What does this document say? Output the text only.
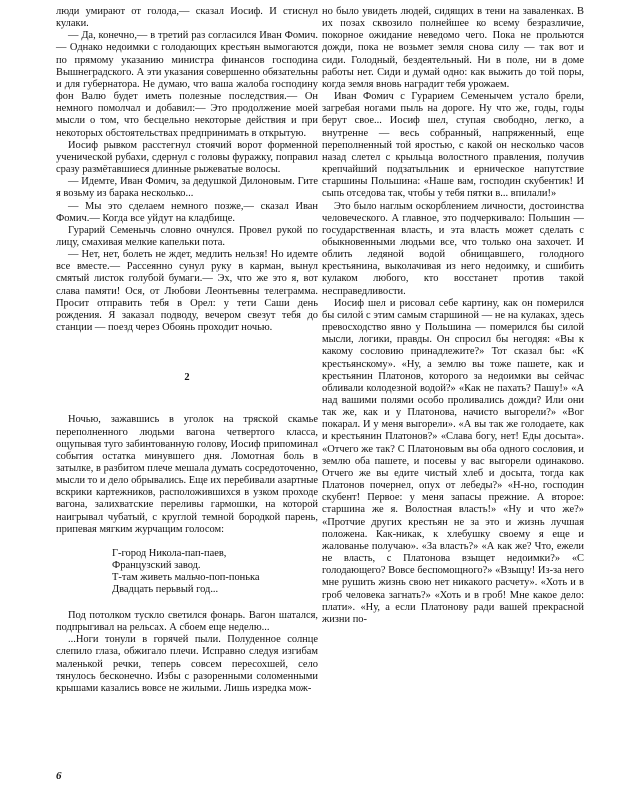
люди умирают от голода,— сказал Иосиф. И стиснул кулаки.

— Да, конечно,— в третий раз согласился Иван Фомич.— Однако недоимки с голодающих крестьян вымогаются по прямому указанию министра финансов господина Вышнеградского. А эти указания совершенно обязательны и для губернатора. Не думаю, что ваша жалоба господину фон Валю будет иметь полезные последствия.— Он немного помолчал и добавил:— Это продолжение моей мысли о том, что бесцельно некоторые действия и при некоторых обстоятельствах предпринимать в открытую.

Иосиф рывком расстегнул стоячий ворот форменной ученической рубахи, сдернул с головы фуражку, поправил сразу размётавшиеся длинные рыжеватые волосы.

— Идемте, Иван Фомич, за дедушкой Дилоновым. Гите я возьму из барака несколько...

— Мы это сделаем немного позже,— сказал Иван Фомич.— Когда все уйдут на кладбище.

Гурарий Семенычь словно очнулся. Провел рукой по лицу, смахивая мелкие капельки пота.

— Нет, нет, болеть не ждет, медлить нельзя! Но идемте все вместе.— Рассеянно сунул руку в карман, вынул смятый листок голубой бумаги.— Эх, что же это я, вот слава памяти! Ося, от Любови Леонтьевны телеграмма. Просит отправить тебя в Орел: у тети Саши день рождения. Я заказал подводу, вечером свезут тебя до станции — поезд через Обоянь проходит ночью.

2

Ночью, зажавшись в уголок на тряской скамье переполненного людьми вагона четвертого класса, ощупывая туго забинтованную голову, Иосиф припоминал события остатка минувшего дня. Ломотная боль в затылке, в разбитом плече мешала думать сосредоточенно, мысли то и дело обрывались. Еще их перебивали азартные вскрики картежников, расположившихся в узком проходе вагона, залихватские переливы гармошки, на которой наигрывал чубатый, с круглой темной бородкой парень, припевая мягким журчащим голосом:

Г-город Никола-пап-паев,
Французский завод.
Т-там живеть мальчо-поп-понька
Двадцать перьвый год...

Под потолком тускло светился фонарь. Вагон шатался, подпрыгивал на рельсах. А сбоем еще неделю...

...Ноги тонули в горячей пыли. Полуденное солнце слепило глаза, обжигало плечи. Исправно следуя изгибам маленькой речки, теперь совсем пересохшей, село тянулось бесконечно. Избы с разоренными соломенными крышами казались вовсе не жилыми. Лишь изредка мож-

но было увидеть людей, сидящих в тени на заваленках. В их позах сквозило полнейшее ко всему безразличие, покорное ожидание неведомо чего. Пока не прольются дожди, пока не возьмет земля снова силу — так вот и сиди. Голодный, бездеятельный. Ни в поле, ни в доме работы нет. Сиди и думай одно: как выжить до той поры, когда земля вновь наградит тебя урожаем.

Иван Фомич с Гурарием Семенычем устало брели, загребая ногами пыль на дороге. Ну что же, годы, годы берут свое... Иосиф шел, ступая свободно, легко, а внутренне — весь собранный, напряженный, еще переполненный той яростью, с какой он несколько часов назад слетел с крыльца волостного правления, получив крепчайший подзатыльник и ерническое напутствие старшины Польшина: «Наше вам, господин скубентик! И сыпь отседова так, чтобы у тебя пятки в... впилали!»

Это было наглым оскорблением личности, достоинства человеческого. А главное, это подчеркивало: Польшин — государственная власть, и эта власть может сделать с обыкновенными людьми все, что только она захочет. И облить ледяной водой обнищавшего, голодного крестьянина, выколачивая из него недоимку, и сшибить кулаком любого, кто восстанет против такой несправедливости.

Иосиф шел и рисовал себе картину, как он померился бы силой с этим самым старшиной — не на кулаках, здесь превосходство явно у Польшина — померился бы силой мысли, логики, правды. Он спросил бы негодяя: «Вы к какому сословию принадлежите?» Тот сказал бы: «К крестьянскому». «Ну, а землю вы тоже пашете, как и крестьянин Платонов, которого за недоимки вы сейчас обливали колодезной водой?» «Как не пахать? Пашу!» «А над вашими полями особо проливались дожди? Или они так же, как и у Платонова, начисто выгорели?» «Вог покарал. И у меня выгорели». «А вы так же голодаете, как и крестьянин Платонов?» «Слава богу, нет! Еды досыта». «Отчего же так? С Платоновым вы оба одного сословия, и землю оба пашете, и посевы у вас выгорели одинаково. Отчего же вы едите чистый хлеб и досыта, тогда как Платонов почернел, опух от лебеды?» «Н-но, господин скубент! Первое: у меня запасы прежние. А второе: старшина же я. Волостная власть!» «Ну и что же?» «Протчие других крестьян не за это и жизнь лучшая положена. Как-никак, к хлебушку своему я еще и жалованье получаю». «За власть?» «А как же? Что, ежели не власть, с Платонова взыщет недоимки?» «С голодающего? Вовсе беспомощного?» «Взыщу! Из-за него мне рушить жизнь свою нет никакого расчету». «Хоть и в гроб человека загнать?» «Хоть и в гроб! Мне какое дело: плати». «Ну, а если Платонову ради вашей прекрасной жизни по-

6
